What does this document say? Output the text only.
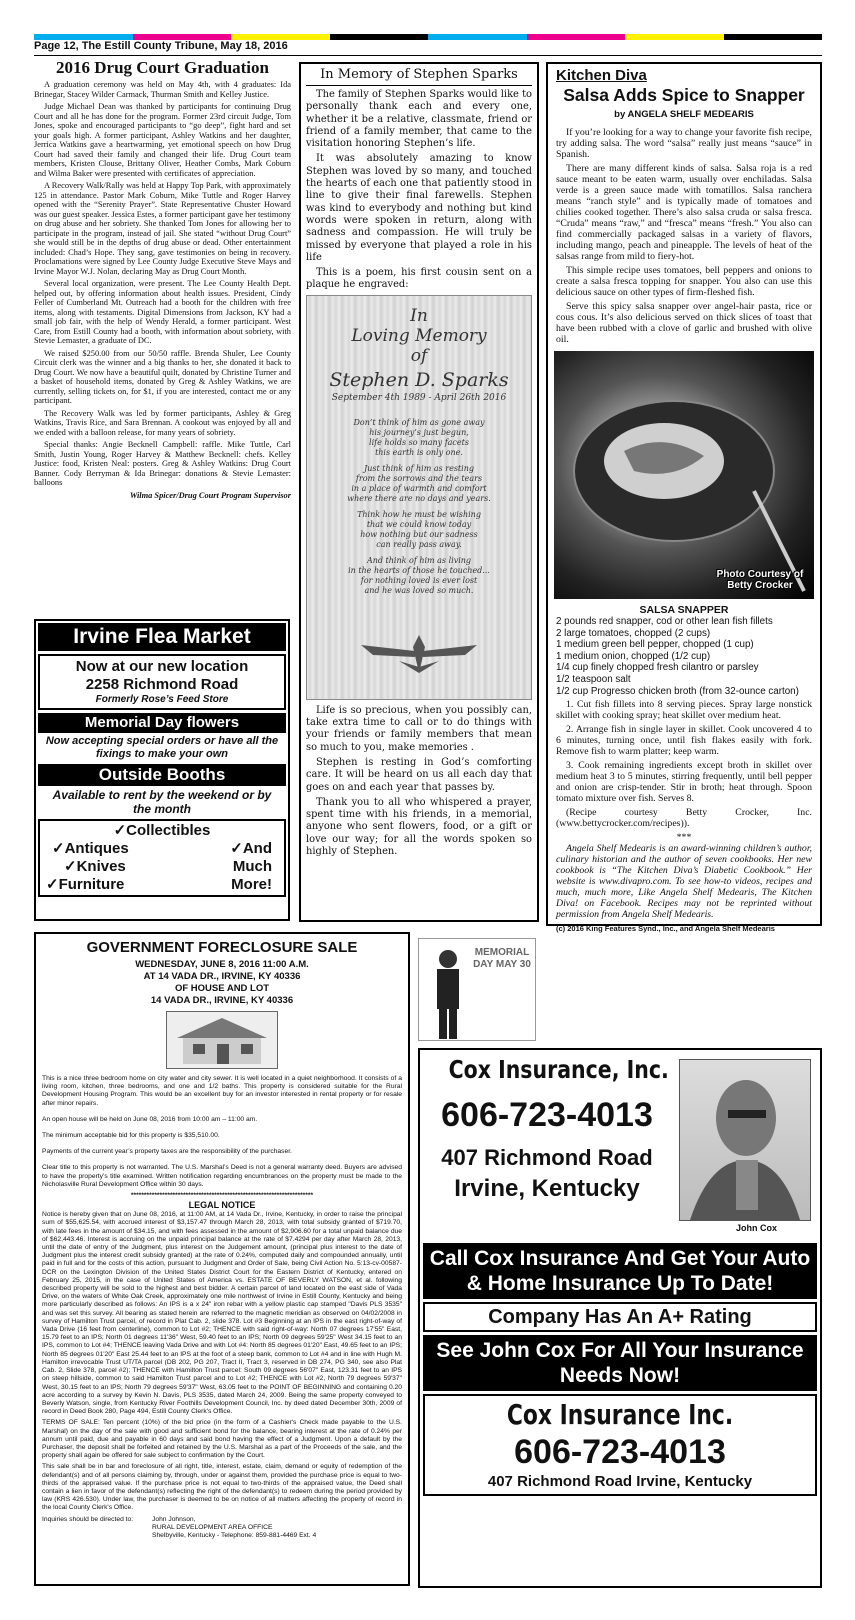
Page 12, The Estill County Tribune, May 18, 2016
2016 Drug Court Graduation

A graduation ceremony was held on May 4th, with 4 graduates: Ida Brinegar, Stacey Wilder Carmack, Thurman Smith and Kelley Justice.

Judge Michael Dean was thanked by participants for continuing Drug Court and all he has done for the program. Former 23rd circuit Judge, Tom Jones, spoke and encouraged participants to “go deep”, fight hard and set your goals high. A former participant, Ashley Watkins and her daughter, Jerrica Watkins gave a heartwarming, yet emotional speech on how Drug Court had saved their family and changed their life. Drug Court team members, Kristen Clouse, Brittany Oliver, Heather Combs, Mark Coburn and Wilma Baker were presented with certificates of appreciation.

A Recovery Walk/Rally was held at Happy Top Park, with approximately 125 in attendance. Pastor Mark Coburn, Mike Tuttle and Roger Harvey opened with the “Serenity Prayer”. State Representative Chuster Howard was our guest speaker. Jessica Estes, a former participant gave her testimony on drug abuse and her sobriety. She thanked Tom Jones for allowing her to participate in the program, instead of jail. She stated “without Drug Court” she would still be in the depths of drug abuse or dead. Other entertainment included: Chad’s Hope. They sang, gave testimonies on being in recovery. Proclamations were signed by Lee County Judge Executive Steve Mays and Irvine Mayor W.J. Nolan, declaring May as Drug Court Month.

Several local organization, were present. The Lee County Health Dept. helped out, by offering information about health issues. President, Cindy Feller of Cumberland Mt. Outreach had a booth for the children with free items, along with testaments. Digital Dimensions from Jackson, KY had a small job fair, with the help of Wendy Herald, a former participant. West Care, from Estill County had a booth, with information about sobriety, with Stevie Lemaster, a graduate of DC.

We raised $250.00 from our 50/50 raffle. Brenda Shuler, Lee County Circuit clerk was the winner and a big thanks to her, she donated it back to Drug Court. We now have a beautiful quilt, donated by Christine Turner and a basket of household items, donated by Greg & Ashley Watkins, we are currently, selling tickets on, for $1, if you are interested, contact me or any participant.

The Recovery Walk was led by former participants, Ashley & Greg Watkins, Travis Rice, and Sara Brennan. A cookout was enjoyed by all and we ended with a balloon release, for many years of sobriety.

Special thanks: Angie Becknell Campbell: raffle. Mike Tuttle, Carl Smith, Justin Young, Roger Harvey & Matthew Becknell: chefs. Kelley Justice: food, Kristen Neal: posters. Greg & Ashley Watkins: Drug Court Banner. Cody Berryman & Ida Brinegar: donations & Stevie Lemaster: balloons

Wilma Spicer/Drug Court Program Supervisor
Irvine Flea Market
Now at our new location
2258 Richmond Road
Formerly Rose’s Feed Store
Memorial Day flowers
Now accepting special orders or have all the fixings to make your own
Outside Booths
Available to rent by the weekend or by the month
✓Collectibles
✓Antiques	✓And
✓Knives	Much
✓Furniture	More!
In Memory of Stephen Sparks

The family of Stephen Sparks would like to personally thank each and every one, whether it be a relative, classmate, friend or friend of a family member, that came to the visitation honoring Stephen’s life.

It was absolutely amazing to know Stephen was loved by so many, and touched the hearts of each one that patiently stood in line to give their final farewells. Stephen was kind to everybody and nothing but kind words were spoken in return, along with sadness and compassion. He will truly be missed by everyone that played a role in his life

This is a poem, his first cousin sent on a plaque he engraved:

In
Loving Memory
of
Stephen D. Sparks
September 4th 1989 - April 26th 2016
Don’t think of him as gone away
his journey’s just begun,
life holds so many facets
this earth is only one.
Just think of him as resting
from the sorrows and the tears
in a place of warmth and comfort
where there are no days and years.
Think how he must be wishing
that we could know today
how nothing but our sadness
can really pass away.
And think of him as living
in the hearts of those he touched...
for nothing loved is ever lost
and he was loved so much.

Life is so precious, when you possibly can, take extra time to call or to do things with your friends or family members that mean so much to you, make memories .

Stephen is resting in God’s comforting care. It will be heard on us all each day that goes on and each year that passes by.

Thank you to all who whispered a prayer, spent time with his friends, in a memorial, anyone who sent flowers, food, or a gift or love our way; for all the words spoken so highly of Stephen.

Kitchen Diva
Salsa Adds Spice to Snapper
by ANGELA SHELF MEDEARIS

If you’re looking for a way to change your favorite fish recipe, try adding salsa. The word “salsa” really just means “sauce” in Spanish.

There are many different kinds of salsa. Salsa roja is a red sauce meant to be eaten warm, usually over enchiladas. Salsa verde is a green sauce made with tomatillos. Salsa ranchera means “ranch style” and is typically made of tomatoes and chilies cooked together. There’s also salsa cruda or salsa fresca. “Cruda” means “raw,” and “fresca” means “fresh.” You also can find commercially packaged salsas in a variety of flavors, including mango, peach and pineapple. The levels of heat of the salsas range from mild to fiery-hot.

This simple recipe uses tomatoes, bell peppers and onions to create a salsa fresca topping for snapper. You also can use this delicious sauce on other types of firm-fleshed fish.

Serve this spicy salsa snapper over angel-hair pasta, rice or cous cous. It’s also delicious served on thick slices of toast that have been rubbed with a clove of garlic and brushed with olive oil.

Photo Courtesy of Betty Crocker
SALSA SNAPPER
2 pounds red snapper, cod or other lean fish fillets
2 large tomatoes, chopped (2 cups)
1 medium green bell pepper, chopped (1 cup)
1 medium onion, chopped (1/2 cup)
1/4 cup finely chopped fresh cilantro or parsley
1/2 teaspoon salt
1/2 cup Progresso chicken broth (from 32-ounce carton)

1. Cut fish fillets into 8 serving pieces. Spray large nonstick skillet with cooking spray; heat skillet over medium heat.

2. Arrange fish in single layer in skillet. Cook uncovered 4 to 6 minutes, turning once, until fish flakes easily with fork. Remove fish to warm platter; keep warm.

3. Cook remaining ingredients except broth in skillet over medium heat 3 to 5 minutes, stirring frequently, until bell pepper and onion are crisp-tender. Stir in broth; heat through. Spoon tomato mixture over fish. Serves 8.

(Recipe courtesy Betty Crocker, Inc. (www.bettycrocker.com/recipes)).

***
Angela Shelf Medearis is an award-winning children’s author, culinary historian and the author of seven cookbooks. Her new cookbook is “The Kitchen Diva’s Diabetic Cookbook.” Her website is www.divapro.com. To see how-to videos, recipes and much, much more, Like Angela Shelf Medearis, The Kitchen Diva! on Facebook. Recipes may not be reprinted without permission from Angela Shelf Medearis.
(c) 2016 King Features Synd., Inc., and Angela Shelf Medearis
MEMORIAL DAY MAY 30
GOVERNMENT FORECLOSURE SALE
WEDNESDAY, JUNE 8, 2016 11:00 A.M.
AT 14 VADA DR., IRVINE, KY 40336
OF HOUSE AND LOT
14 VADA DR., IRVINE, KY 40336

This is a nice three bedroom home on city water and city sewer. It is well located in a quiet neighborhood. It consists of a living room, kitchen, three bedrooms, and one and 1/2 baths. This property is considered suitable for the Rural Development Housing Program. This would be an excellent buy for an investor interested in rental property or for resale after minor repairs.

An open house will be held on June 08, 2016 from 10:00 am – 11:00 am.

The minimum acceptable bid for this property is $35,510.00.

Payments of the current year’s property taxes are the responsibility of the purchaser.

Clear title to this property is not warranted. The U.S. Marshal’s Deed is not a general warranty deed. Buyers are advised to have the property’s title examined. Written notification regarding encumbrances on the property must be made to the Nicholasville Rural Development Office within 30 days.

**********************************************************************
LEGAL NOTICE

Notice is hereby given that on June 08, 2016, at 11:00 AM, at 14 Vada Dr., Irvine, Kentucky, in order to raise the principal sum of $55,625.54, with accrued interest of $3,157.47 through March 28, 2013, with total subsidy granted of $719.70, with late fees in the amount of $34.15, and with fees assessed in the amount of $2,906.60 for a total unpaid balance due of $62,443.46. Interest is accruing on the unpaid principal balance at the rate of $7.4294 per day after March 28, 2013, until the date of entry of the Judgment, plus interest on the Judgement amount, (principal plus interest to the date of Judgment plus the interest credit subsidy granted) at the rate of 0.24%, computed daily and compounded annually, until paid in full and for the costs of this action, pursuant to Judgment and Order of Sale, being Civil Action No. 5:13-cv-00587-DCR on the Lexington Division of the United States District Court for the Eastern District of Kentucky, entered on February 25, 2015, in the case of United States of America vs. ESTATE OF BEVERLY WATSON, et al. following described property will be sold to the highest and best bidder. A certain parcel of land located on the east side of Vada Drive, on the waters of White Oak Creek, approximately one mile northwest of Irvine in Estill County, Kentucky and being more particularly described as follows: An IPS is a x 24" iron rebar with a yellow plastic cap stamped "Davis PLS 3535" and was set this survey. All bearing as stated herein are referred to the magnetic meridian as observed on 04/02/2008 in survey of Hamilton Trust parcel, of record in Plat Cab. 2, slide 378. Lot #3 Beginning at an IPS in the east right-of-way of Vada Drive (16 feet from centerline), common to Lot #2; THENCE with said right-of-way: North 07 degrees 17'55" East, 15.79 feet to an IPS; North 01 degrees 11'36" West, 59.40 feet to an IPS; North 09 degrees 59'25" West 34.15 feet to an IPS, common to Lot #4; THENCE leaving Vada Drive and with Lot #4: North 85 degrees 01'20" East, 49.65 feet to an IPS; North 85 degrees 01'20" East 25.44 feet to an IPS at the foot of a steep bank, common to Lot #4 and in line with Hugh M. Hamilton irrevocable Trust UT/TA parcel (DB 202, PG 207, Tract II, Tract 3, reserved in DB 274, PG 340, see also Plat Cab. 2, Slide 378, parcel #2); THENCE with Hamilton Trust parcel: South 09 degrees 56'07" East, 123.31 feet to an IPS on steep hillside, common to said Hamilton Trust parcel and to Lot #2; THENCE with Lot #2, North 79 degrees 59'37" West, 30.15 feet to an IPS; North 79 degrees 59'37" West, 63.05 feet to the POINT OF BEGINNING and containing 0.20 acre according to a survey by Kevin N. Davis, PLS 3535, dated March 24, 2009. Being the same property conveyed to Beverly Watson, single, from Kentucky River Foothills Development Council, Inc. by deed dated December 30th, 2009 of record in Deed Book 280, Page 494, Estill County Clerk's Office.

TERMS OF SALE: Ten percent (10%) of the bid price (in the form of a Cashier's Check made payable to the U.S. Marshal) on the day of the sale with good and sufficient bond for the balance, bearing interest at the rate of 0.24% per annum until paid, due and payable in 60 days and said bond having the effect of a Judgment. Upon a default by the Purchaser, the deposit shall be forfeited and retained by the U.S. Marshal as a part of the Proceeds of the sale, and the property shall again be offered for sale subject to confirmation by the Court.

This sale shall be in bar and foreclosure of all right, title, interest, estate, claim, demand or equity of redemption of the defendant(s) and of all persons claiming by, through, under or against them, provided the purchase price is equal to two-thirds of the appraised value. If the purchase price is not equal to two-thirds of the appraised value, the Deed shall contain a lien in favor of the defendant(s) reflecting the right of the defendant(s) to redeem during the period provided by law (KRS 426.530). Under law, the purchaser is deemed to be on notice of all matters affecting the property of record in the local County Clerk's Office.

Inquiries should be directed to:	John Johnson,
RURAL DEVELOPMENT AREA OFFICE
Shelbyville, Kentucky - Telephone: 859-881-4469 Ext. 4
Cox Insurance, Inc.
606-723-4013
407 Richmond Road
Irvine, Kentucky
John Cox
Call Cox Insurance And Get Your Auto & Home Insurance Up To Date!
Company Has An A+ Rating
See John Cox For All Your Insurance Needs Now!
Cox Insurance Inc.
606-723-4013
407 Richmond Road Irvine, Kentucky
